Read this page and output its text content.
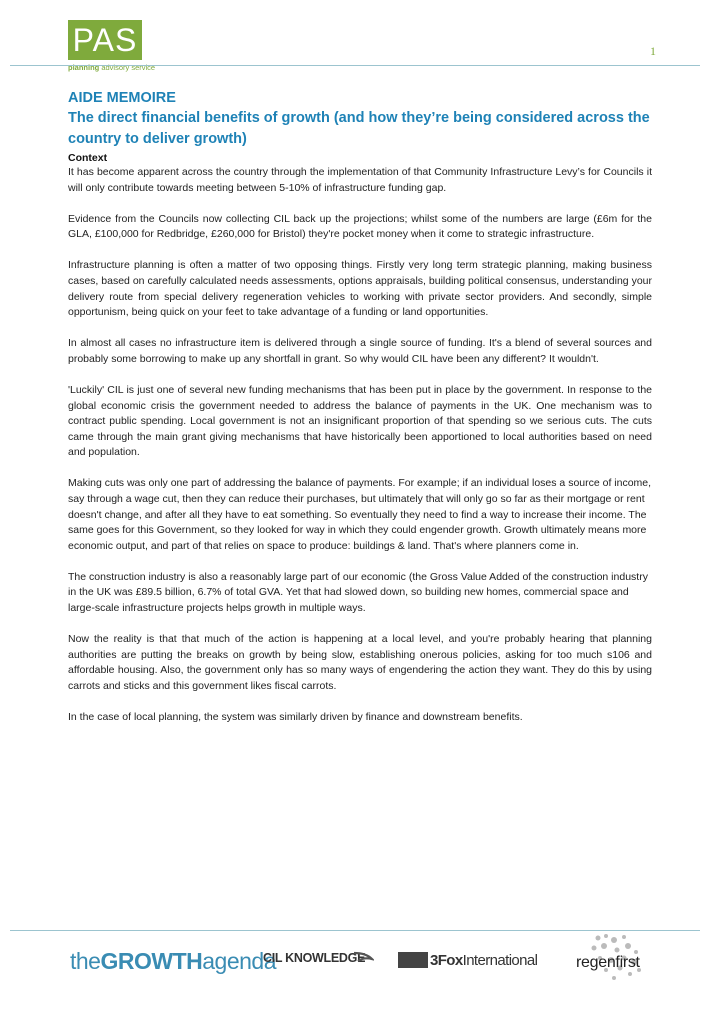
PAS
planning advisory service
1
AIDE MEMOIRE
The direct financial benefits of growth (and how they’re being considered across the country to deliver growth)
Context

It has become apparent across the country through the implementation of that Community Infrastructure Levy’s for Councils it will only contribute towards meeting between 5-10% of infrastructure funding gap.

Evidence from the Councils now collecting CIL back up the projections; whilst some of the numbers are large (£6m for the GLA, £100,000 for Redbridge, £260,000 for Bristol) they're pocket money when it come to strategic infrastructure.

Infrastructure planning is often a matter of two opposing things. Firstly very long term strategic planning, making business cases, based on carefully calculated needs assessments, options appraisals, building political consensus, understanding your delivery route from special delivery regeneration vehicles to working with private sector providers. And secondly, simple opportunism, being quick on your feet to take advantage of a funding or land opportunities.

In almost all cases no infrastructure item is delivered through a single source of funding. It's a blend of several sources and probably some borrowing to make up any shortfall in grant. So why would CIL have been any different? It wouldn't.

'Luckily' CIL is just one of several new funding mechanisms that has been put in place by the government. In response to the global economic crisis the government needed to address the balance of payments in the UK. One mechanism was to contract public spending. Local government is not an insignificant proportion of that spending so we serious cuts. The cuts came through the main grant giving mechanisms that have historically been apportioned to local authorities based on need and population.

Making cuts was only one part of addressing the balance of payments. For example; if an individual loses a source of income, say through a wage cut, then they can reduce their purchases, but ultimately that will only go so far as their mortgage or rent doesn't change, and after all they have to eat something. So eventually they need to find a way to increase their income. The same goes for this Government, so they looked for way in which they could engender growth. Growth ultimately means more economic output, and part of that relies on space to produce: buildings & land. That's where planners come in.

The construction industry is also a reasonably large part of our economic (the Gross Value Added of the construction industry in the UK was £89.5 billion, 6.7% of total GVA. Yet that had slowed down, so building new homes, commercial space and large-scale infrastructure projects helps growth in multiple ways.

Now the reality is that that much of the action is happening at a local level, and you're probably hearing that planning authorities are putting the breaks on growth by being slow, establishing onerous policies, asking for too much s106 and affordable housing. Also, the government only has so many ways of engendering the action they want. They do this by using carrots and sticks and this government likes fiscal carrots.

In the case of local planning, the system was similarly driven by finance and downstream benefits.

theGROWTHagenda
CIL KNOWLEDGE	3FoxInternational regenfirst
